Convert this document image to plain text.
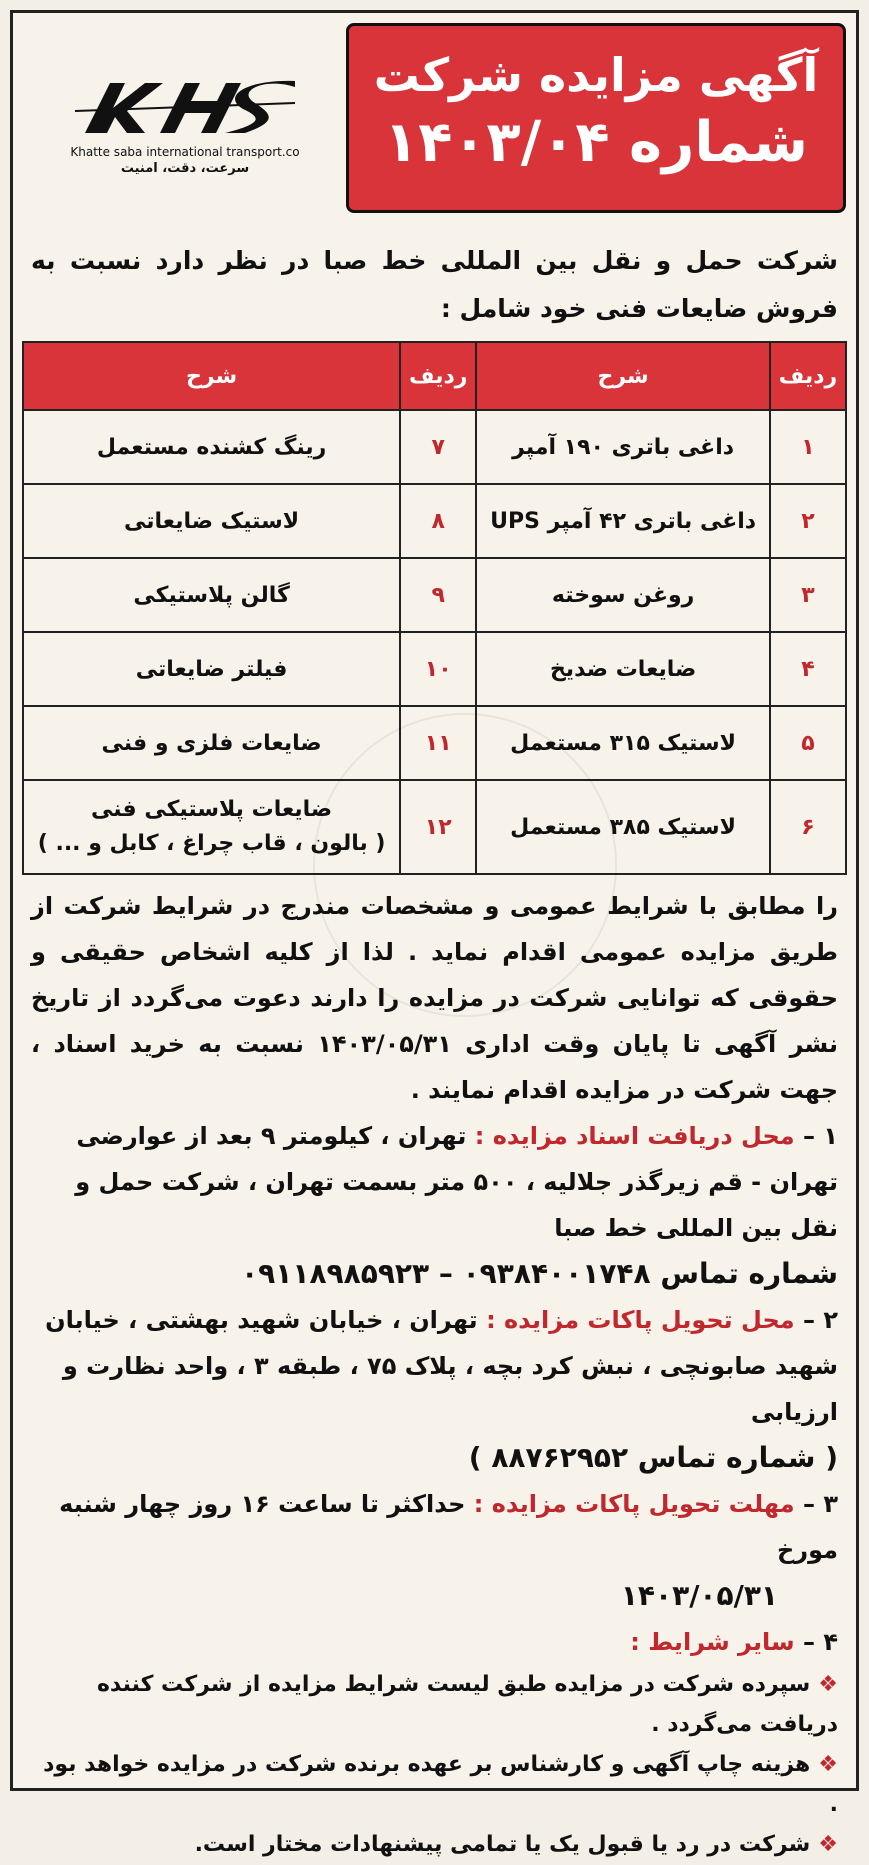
آگهی مزایده شرکت
شماره ۱۴۰۳/۰۴
Khatte saba international transport.co
سرعت، دقت، امنیت
شرکت حمل و نقل بین المللی خط صبا در نظر دارد نسبت به فروش ضایعات فنی خود شامل :
ردیف	شرح	ردیف	شرح
۱	داغی باتری ۱۹۰ آمپر	۷	رینگ کشنده مستعمل
۲	داغی باتری ۴۲ آمپر UPS	۸	لاستیک ضایعاتی
۳	روغن سوخته	۹	گالن پلاستیکی
۴	ضایعات ضدیخ	۱۰	فیلتر ضایعاتی
۵	لاستیک ۳۱۵ مستعمل	۱۱	ضایعات فلزی و فنی
۶	لاستیک ۳۸۵ مستعمل	۱۲	ضایعات پلاستیکی فنی
( بالون ، قاب چراغ ، کابل و ... )
را مطابق با شرایط عمومی و مشخصات مندرج در شرایط شرکت از طریق مزایده عمومی اقدام نماید . لذا از کلیه اشخاص حقیقی و حقوقی که توانایی شرکت در مزایده را دارند دعوت می‌گردد از تاریخ نشر آگهی تا پایان وقت اداری ۱۴۰۳/۰۵/۳۱ نسبت به خرید اسناد ، جهت شرکت در مزایده اقدام نمایند .
۱ – محل دریافت اسناد مزایده : تهران ، کیلومتر ۹ بعد از عوارضی تهران - قم زیرگذر جلالیه ، ۵۰۰ متر بسمت تهران ، شرکت حمل و نقل بین المللی خط صبا
شماره تماس ۰۹۳۸۴۰۰۱۷۴۸ – ۰۹۱۱۸۹۸۵۹۲۳
۲ – محل تحویل پاکات مزایده : تهران ، خیابان شهید بهشتی ، خیابان شهید صابونچی ، نبش کرد بچه ، پلاک ۷۵ ، طبقه ۳ ، واحد نظارت و ارزیابی
( شماره تماس ۸۸۷۶۲۹۵۲ )
۳ – مهلت تحویل پاکات مزایده : حداکثر تا ساعت ۱۶ روز چهار شنبه مورخ
۱۴۰۳/۰۵/۳۱
۴ – سایر شرایط :
❖سپرده شرکت در مزایده طبق لیست شرایط مزایده از شرکت کننده دریافت می‌گردد .
❖هزینه چاپ آگهی و کارشناس بر عهده برنده شرکت در مزایده خواهد بود .
❖شرکت در رد یا قبول یک یا تمامی پیشنهادات مختار است.
